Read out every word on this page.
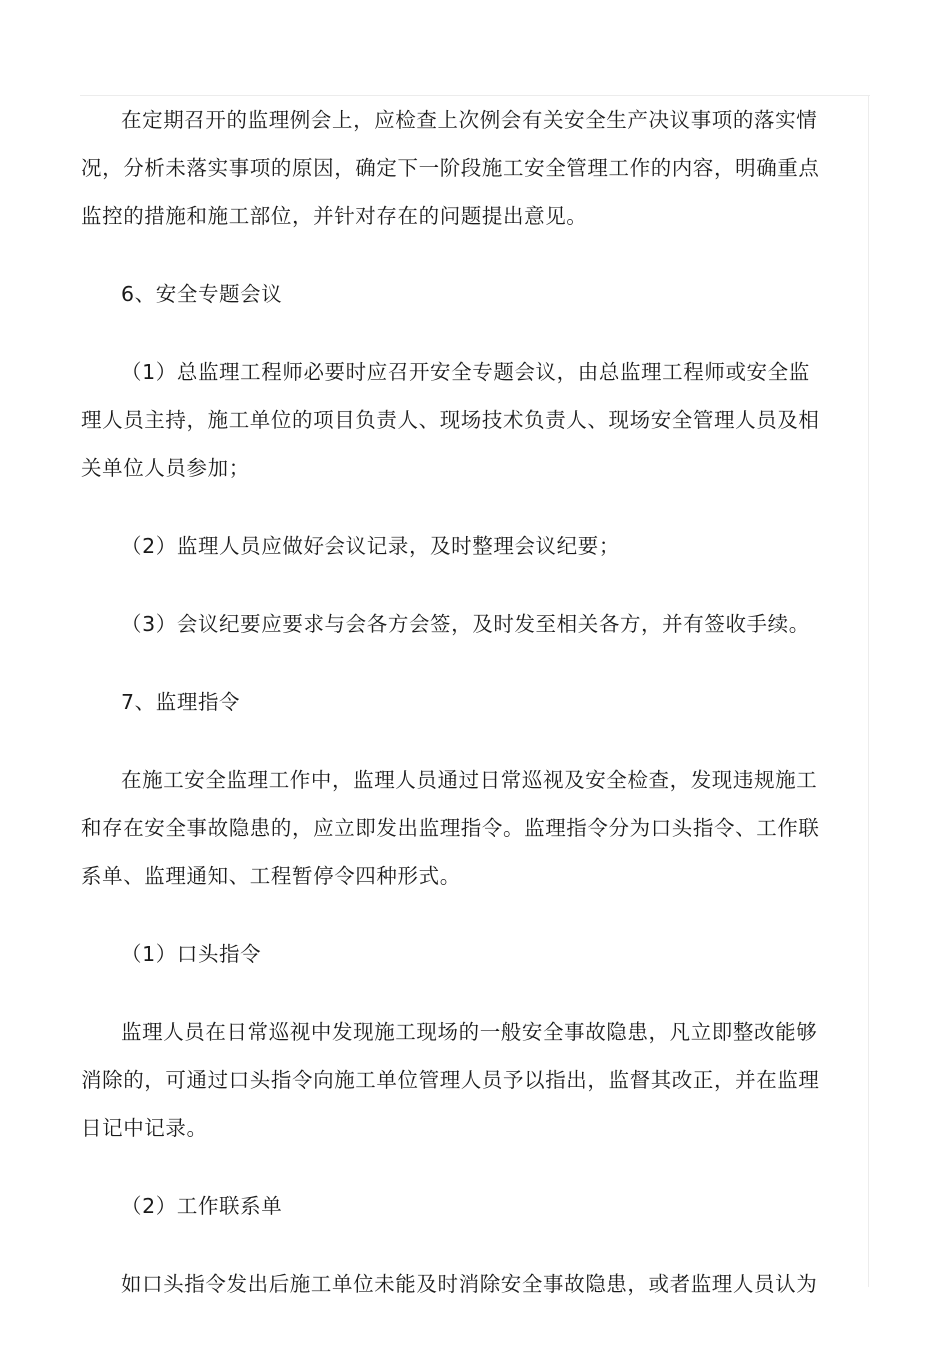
在定期召开的监理例会上，应检查上次例会有关安全生产决议事项的落实情况，分析未落实事项的原因，确定下一阶段施工安全管理工作的内容，明确重点监控的措施和施工部位，并针对存在的问题提出意见。

6、安全专题会议

（1）总监理工程师必要时应召开安全专题会议，由总监理工程师或安全监理人员主持，施工单位的项目负责人、现场技术负责人、现场安全管理人员及相关单位人员参加；

（2）监理人员应做好会议记录，及时整理会议纪要；

（3）会议纪要应要求与会各方会签，及时发至相关各方，并有签收手续。

7、监理指令

在施工安全监理工作中，监理人员通过日常巡视及安全检查，发现违规施工和存在安全事故隐患的，应立即发出监理指令。监理指令分为口头指令、工作联系单、监理通知、工程暂停令四种形式。

（1）口头指令

监理人员在日常巡视中发现施工现场的一般安全事故隐患，凡立即整改能够消除的，可通过口头指令向施工单位管理人员予以指出，监督其改正，并在监理日记中记录。

（2）工作联系单

如口头指令发出后施工单位未能及时消除安全事故隐患，或者监理人员认为
